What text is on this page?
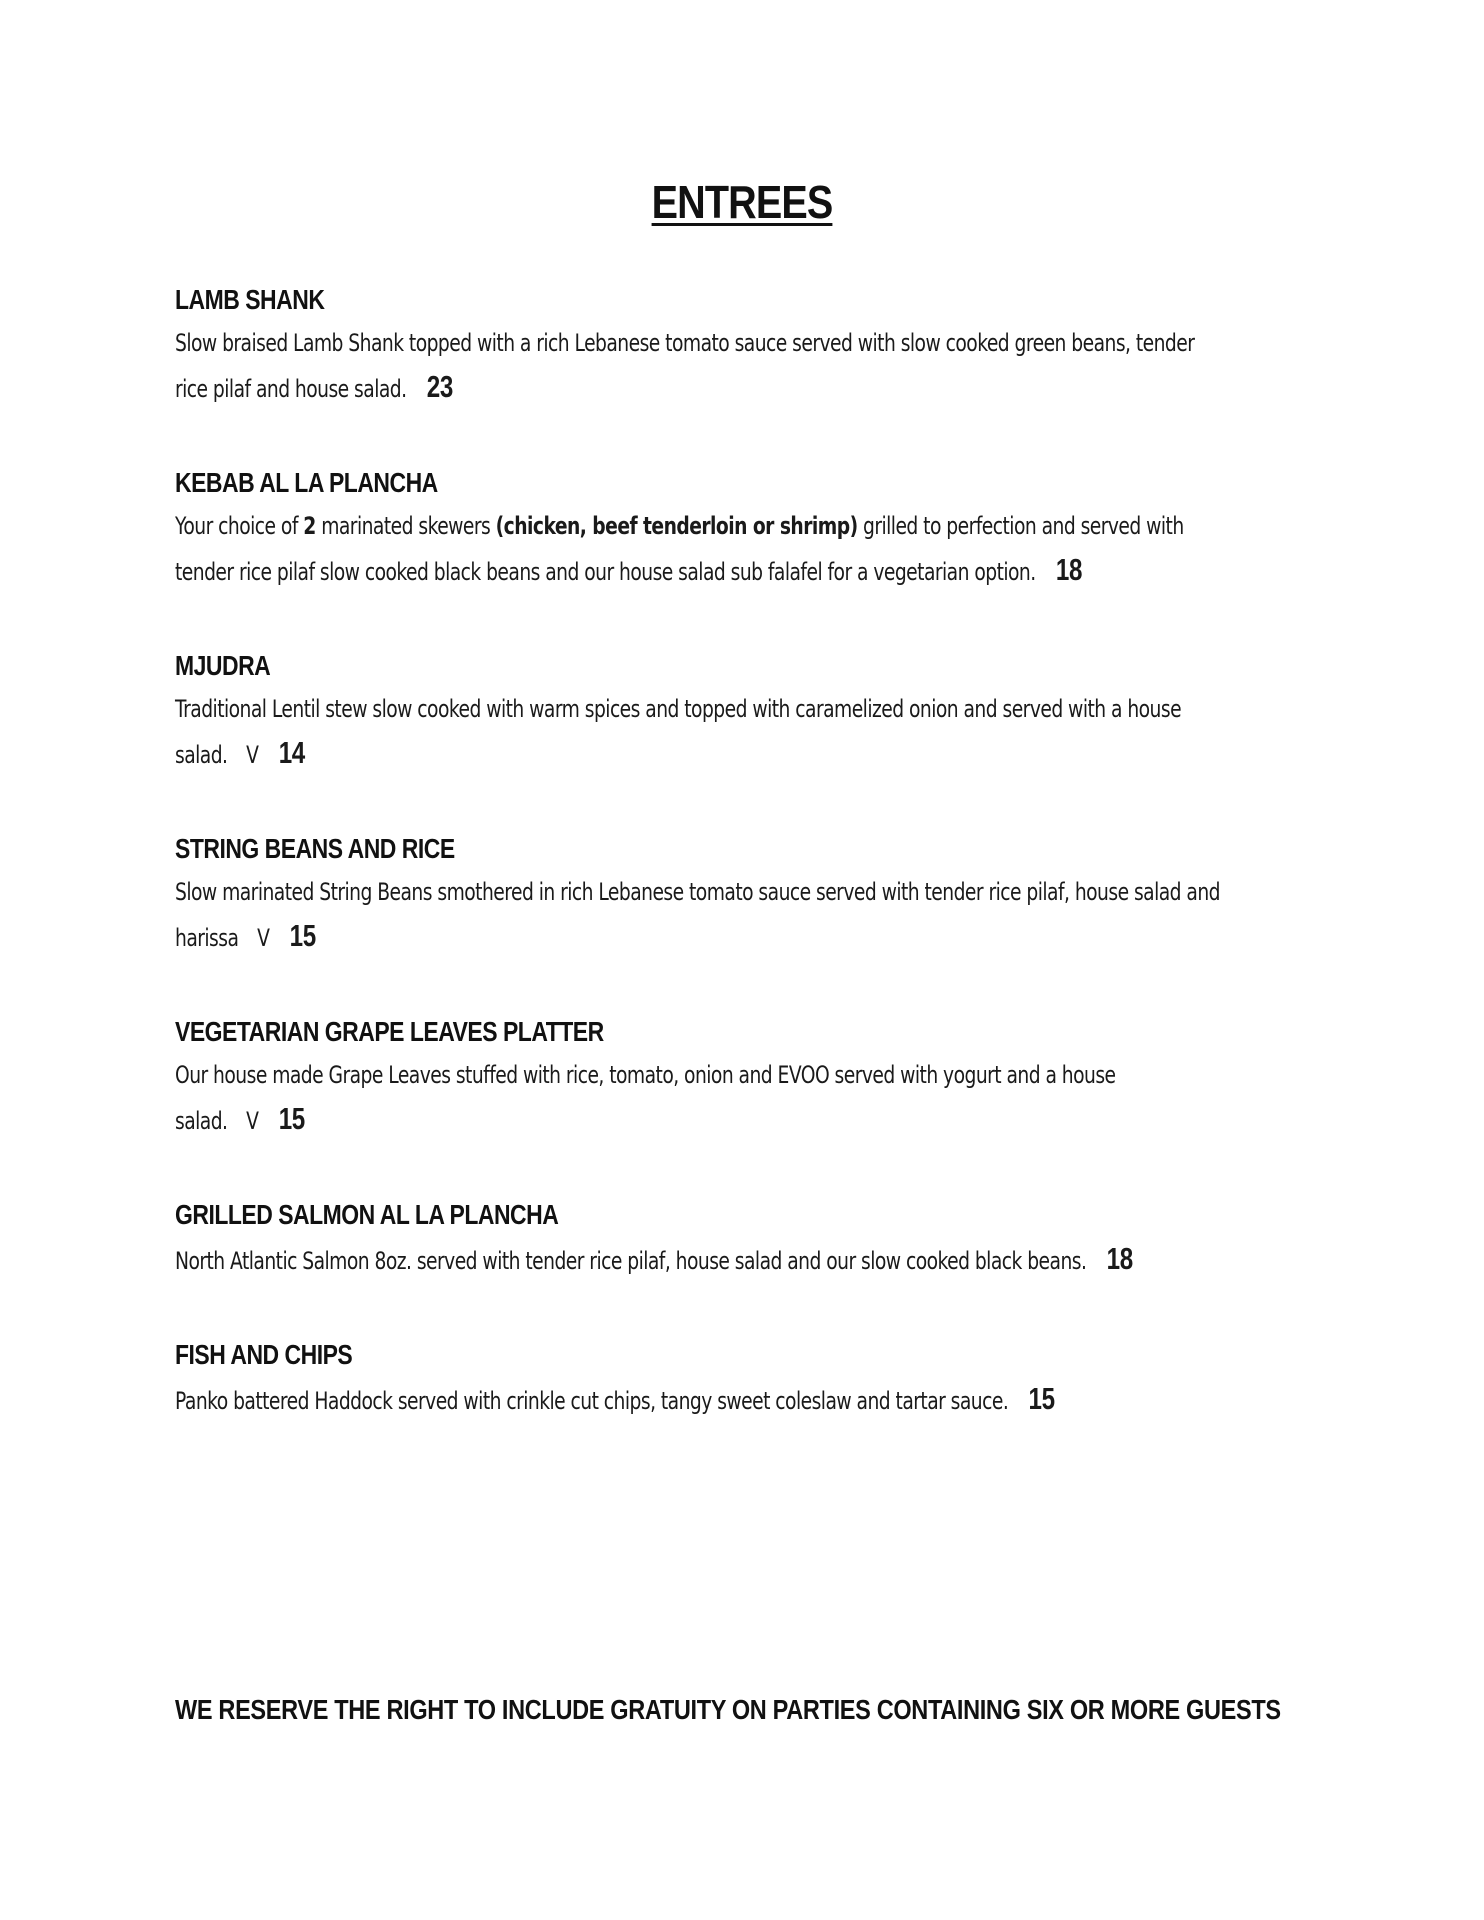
ENTREES
LAMB SHANK
Slow braised Lamb Shank topped with a rich Lebanese tomato sauce served with slow cooked green beans, tender rice pilaf and house salad. 23
KEBAB AL LA PLANCHA
Your choice of 2 marinated skewers (chicken, beef tenderloin or shrimp) grilled to perfection and served with tender rice pilaf slow cooked black beans and our house salad sub falafel for a vegetarian option. 18
MJUDRA
Traditional Lentil stew slow cooked with warm spices and topped with caramelized onion and served with a house salad. V 14
STRING BEANS AND RICE
Slow marinated String Beans smothered in rich Lebanese tomato sauce served with tender rice pilaf, house salad and harissa V 15
VEGETARIAN GRAPE LEAVES PLATTER
Our house made Grape Leaves stuffed with rice, tomato, onion and EVOO served with yogurt and a house salad. V 15
GRILLED SALMON AL LA PLANCHA
North Atlantic Salmon 8oz. served with tender rice pilaf, house salad and our slow cooked black beans. 18
FISH AND CHIPS
Panko battered Haddock served with crinkle cut chips, tangy sweet coleslaw and tartar sauce. 15
WE RESERVE THE RIGHT TO INCLUDE GRATUITY ON PARTIES CONTAINING SIX OR MORE GUESTS
